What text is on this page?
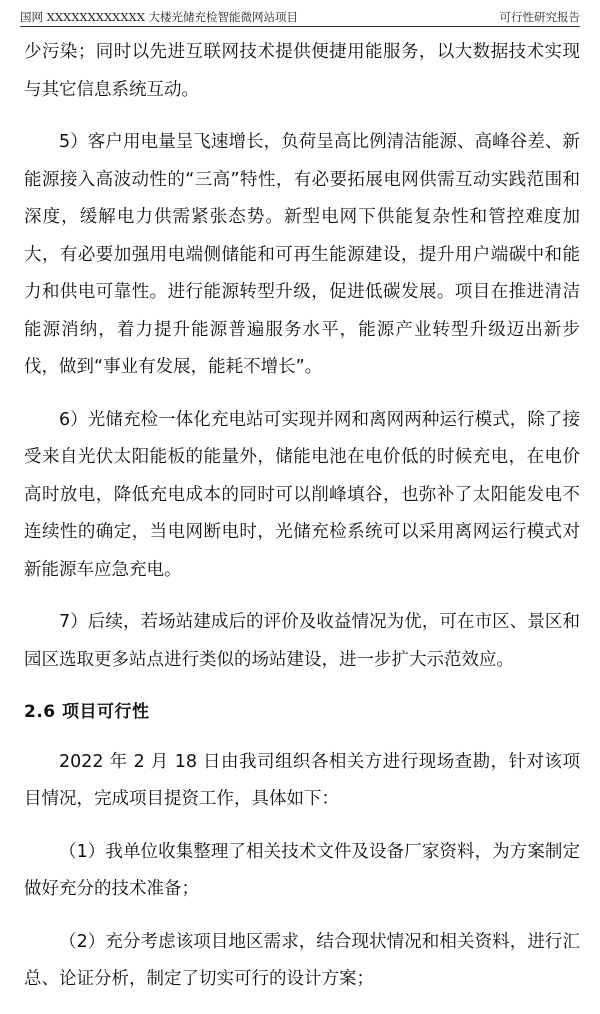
国网 XXXXXXXXXXXX 大楼光储充检智能微网站项目	可行性研究报告

少污染；同时以先进互联网技术提供便捷用能服务，以大数据技术实现与其它信息系统互动。

5）客户用电量呈飞速增长，负荷呈高比例清洁能源、高峰谷差、新能源接入高波动性的“三高”特性，有必要拓展电网供需互动实践范围和深度，缓解电力供需紧张态势。新型电网下供能复杂性和管控难度加大，有必要加强用电端侧储能和可再生能源建设，提升用户端碳中和能力和供电可靠性。进行能源转型升级，促进低碳发展。项目在推进清洁能源消纳，着力提升能源普遍服务水平，能源产业转型升级迈出新步伐，做到“事业有发展，能耗不增长”。

6）光储充检一体化充电站可实现并网和离网两种运行模式，除了接受来自光伏太阳能板的能量外，储能电池在电价低的时候充电，在电价高时放电，降低充电成本的同时可以削峰填谷，也弥补了太阳能发电不连续性的确定，当电网断电时，光储充检系统可以采用离网运行模式对新能源车应急充电。

7）后续，若场站建成后的评价及收益情况为优，可在市区、景区和园区选取更多站点进行类似的场站建设，进一步扩大示范效应。

2.6 项目可行性

2022 年 2 月 18 日由我司组织各相关方进行现场查勘，针对该项目情况，完成项目提资工作，具体如下：

（1）我单位收集整理了相关技术文件及设备厂家资料，为方案制定做好充分的技术准备；

（2）充分考虑该项目地区需求，结合现状情况和相关资料，进行汇总、论证分析，制定了切实可行的设计方案；
